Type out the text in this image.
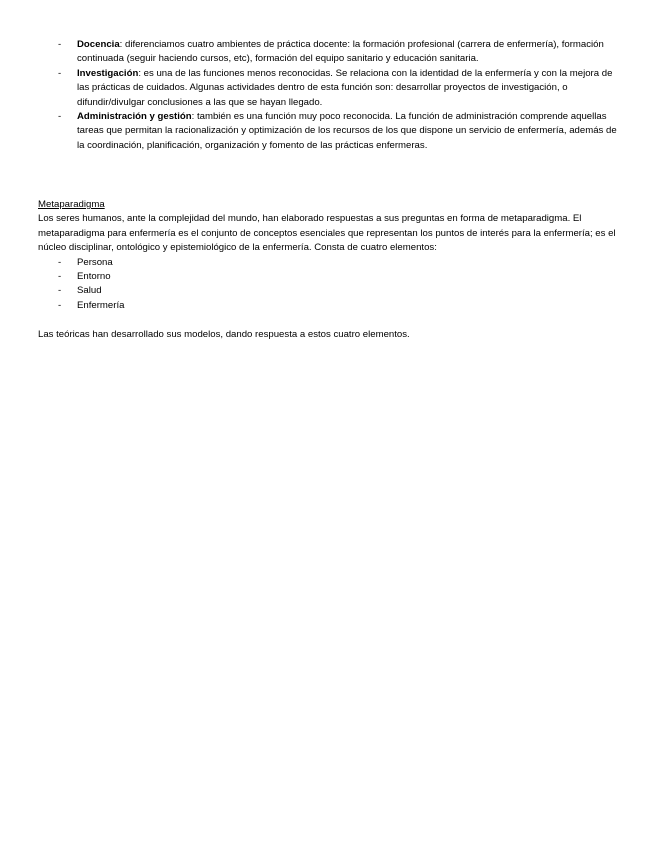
- Docencia: diferenciamos cuatro ambientes de práctica docente: la formación profesional (carrera de enfermería), formación continuada (seguir haciendo cursos, etc), formación del equipo sanitario y educación sanitaria.
- Investigación: es una de las funciones menos reconocidas. Se relaciona con la identidad de la enfermería y con la mejora de las prácticas de cuidados. Algunas actividades dentro de esta función son: desarrollar proyectos de investigación, o difundir/divulgar conclusiones a las que se hayan llegado.
- Administración y gestión: también es una función muy poco reconocida. La función de administración comprende aquellas tareas que permitan la racionalización y optimización de los recursos de los que dispone un servicio de enfermería, además de la coordinación, planificación, organización y fomento de las prácticas enfermeras.
Metaparadigma
Los seres humanos, ante la complejidad del mundo, han elaborado respuestas a sus preguntas en forma de metaparadigma. El metaparadigma para enfermería es el conjunto de conceptos esenciales que representan los puntos de interés para la enfermería; es el núcleo disciplinar, ontológico y epistemiológico de la enfermería. Consta de cuatro elementos:
- Persona
- Entorno
- Salud
- Enfermería
Las teóricas han desarrollado sus modelos, dando respuesta a estos cuatro elementos.
